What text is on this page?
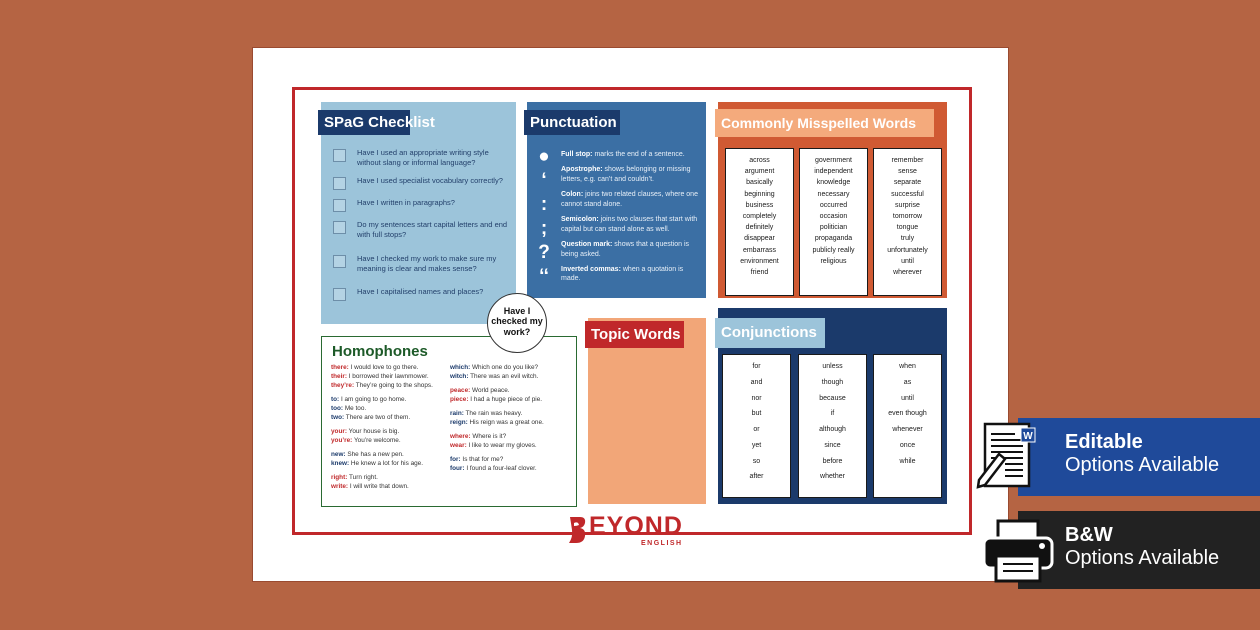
SPaG Checklist
Have I used an appropriate writing style without slang or informal language?
Have I used specialist vocabulary correctly?
Have I written in paragraphs?
Do my sentences start capital letters and end with full stops?
Have I checked my work to make sure my meaning is clear and makes sense?
Have I capitalised names and places?
Punctuation
●
‘
:
;
?
‘‘

Full stop: marks the end of a sentence.

Apostrophe: shows belonging or missing letters, e.g. can’t and couldn’t.

Colon: joins two related clauses, where one cannot stand alone.

Semicolon: joins two clauses that start with capital but can stand alone as well.

Question mark: shows that a question is being asked.

Inverted commas: when a quotation is made.

Commonly Misspelled Words
across
argument
basically
beginning
business
completely
definitely
disappear
embarrass
environment
friend
government
independent
knowledge
necessary
occurred
occasion
politician
propaganda
publicly really
religious
remember
sense
separate
successful
surprise
tomorrow
tongue
truly
unfortunately
until
wherever
Topic Words	Conjunctions
for
and
nor
but
or
yet
so
after
unless
though
because
if
although
since
before
whether
when
as
until
even though
whenever
once
while
Homophones

there: I would love to go there.
their: I borrowed their lawnmower.
they’re: They’re going to the shops.

to: I am going to go home.
too: Me too.
two: There are two of them.

your: Your house is big.
you’re: You’re welcome.

new: She has a new pen.
knew: He knew a lot for his age.

right: Turn right.
write: I will write that down.

which: Which one do you like?
witch: There was an evil witch.

peace: World peace.
piece: I had a huge piece of pie.

rain: The rain was heavy.
reign: His reign was a great one.

where: Where is it?
wear: I like to wear my gloves.

for: Is that for me?
four: I found a four-leaf clover.

Have I checked my work?
EYOND
ENGLISH
Editable
Options Available
W
B&W
Options Available
